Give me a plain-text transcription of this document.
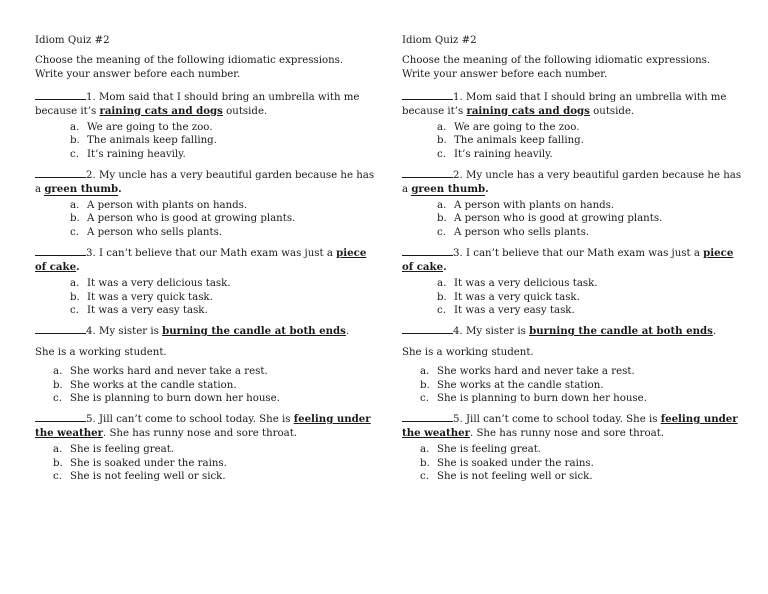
Idiom Quiz #2

Choose the meaning of the following idiomatic expressions.
Write your answer before each number.

1. Mom said that I should bring an umbrella with me because it’s raining cats and dogs outside.

a. We are going to the zoo.
b. The animals keep falling.
c. It’s raining heavily.

2. My uncle has a very beautiful garden because he has a green thumb.

a. A person with plants on hands.
b. A person who is good at growing plants.
c. A person who sells plants.

3. I can’t believe that our Math exam was just a piece of cake.

a. It was a very delicious task.
b. It was a very quick task.
c. It was a very easy task.

4. My sister is burning the candle at both ends.

She is a working student.

a. She works hard and never take a rest.
b. She works at the candle station.
c. She is planning to burn down her house.

5. Jill can’t come to school today. She is feeling under the weather. She has runny nose and sore throat.

a. She is feeling great.
b. She is soaked under the rains.
c. She is not feeling well or sick.

Idiom Quiz #2

Choose the meaning of the following idiomatic expressions.
Write your answer before each number.

1. Mom said that I should bring an umbrella with me because it’s raining cats and dogs outside.

a. We are going to the zoo.
b. The animals keep falling.
c. It’s raining heavily.

2. My uncle has a very beautiful garden because he has a green thumb.

a. A person with plants on hands.
b. A person who is good at growing plants.
c. A person who sells plants.

3. I can’t believe that our Math exam was just a piece of cake.

a. It was a very delicious task.
b. It was a very quick task.
c. It was a very easy task.

4. My sister is burning the candle at both ends.

She is a working student.

a. She works hard and never take a rest.
b. She works at the candle station.
c. She is planning to burn down her house.

5. Jill can’t come to school today. She is feeling under the weather. She has runny nose and sore throat.

a. She is feeling great.
b. She is soaked under the rains.
c. She is not feeling well or sick.
